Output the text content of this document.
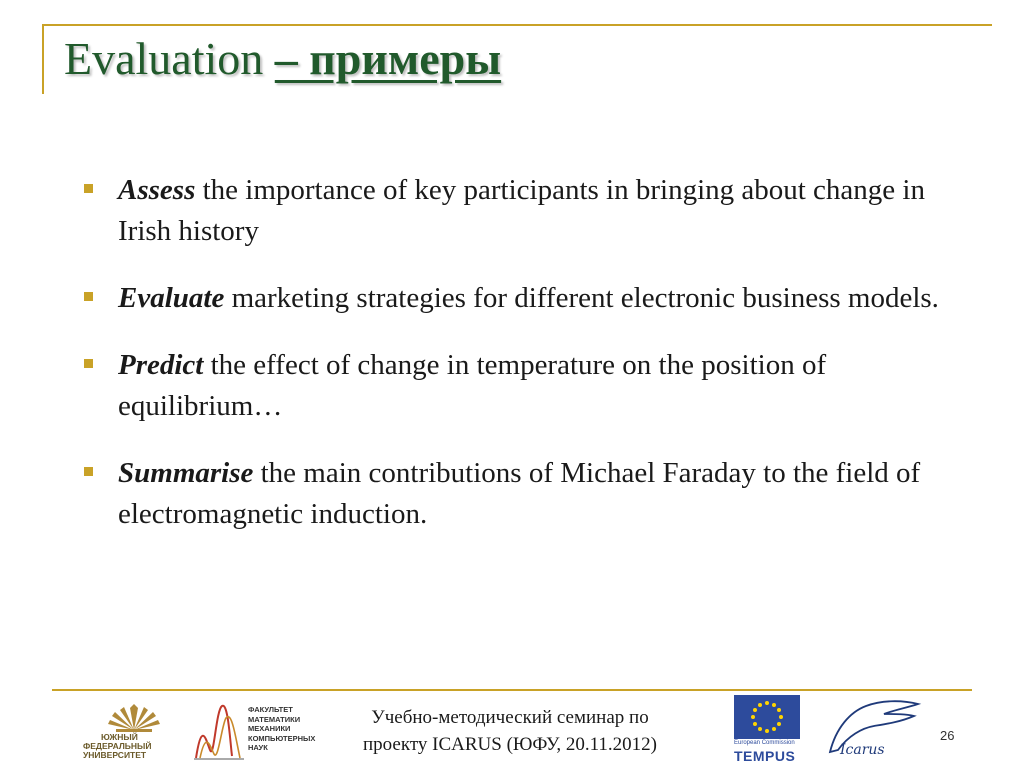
Evaluation – примеры
Assess the importance of key participants in bringing about change in Irish history
Evaluate marketing strategies for different electronic business models.
Predict the effect of change in temperature on the position of equilibrium…
Summarise the main contributions of Michael Faraday to the field of electromagnetic induction.
ЮЖНЫЙ
ФЕДЕРАЛЬНЫЙ
УНИВЕРСИТЕТ
ФАКУЛЬТЕТ
МАТЕМАТИКИ
МЕХАНИКИ
КОМПЬЮТЕРНЫХ
НАУК
Учебно-методический семинар по
проекту ICARUS (ЮФУ, 20.11.2012)	European Commission
TEMPUS	Icarus
26
